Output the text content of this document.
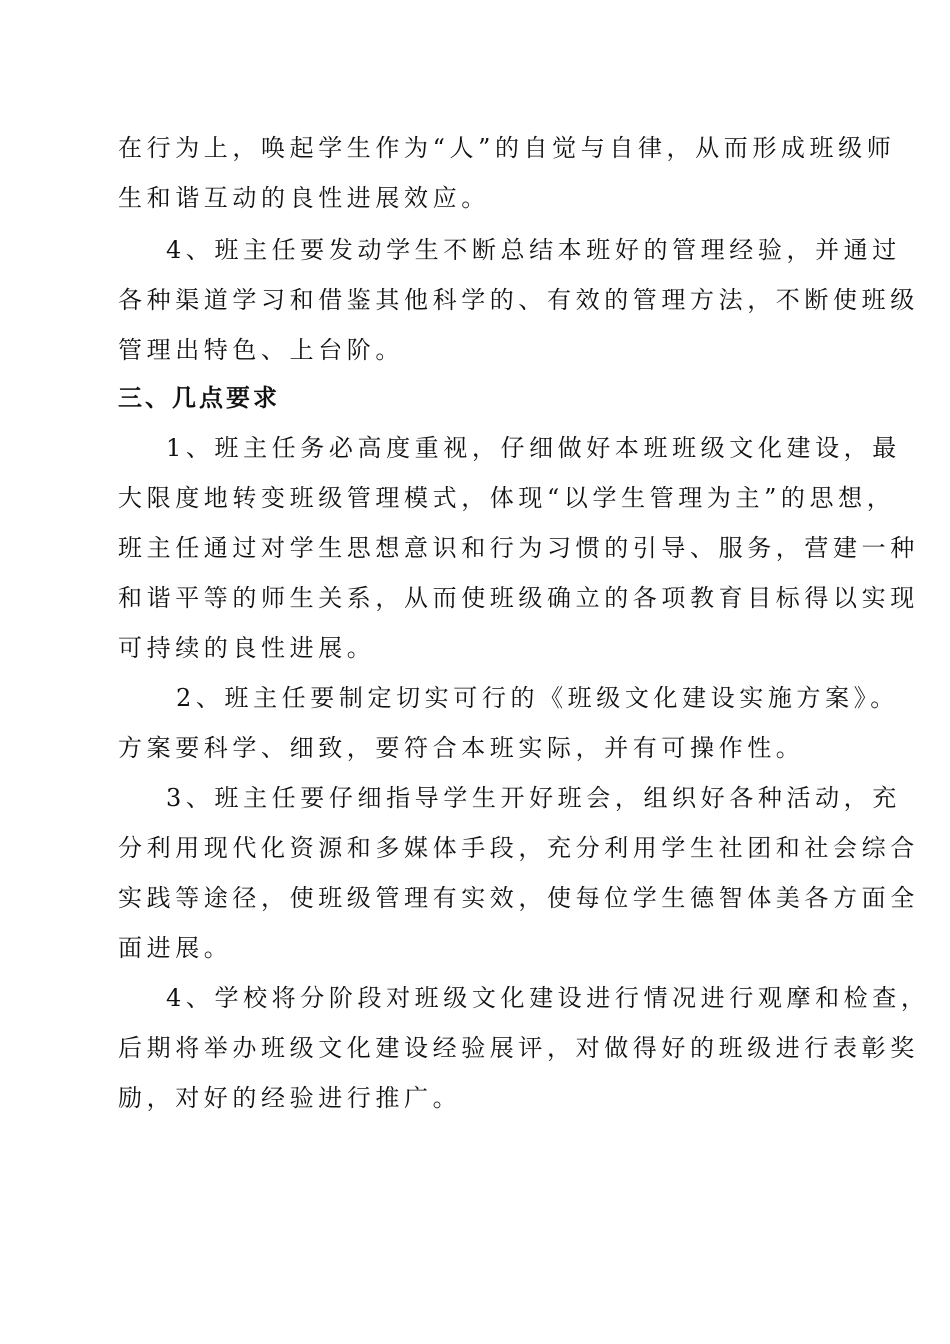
在行为上，唤起学生作为“人”的自觉与自律，从而形成班级师
生和谐互动的良性进展效应。
4、班主任要发动学生不断总结本班好的管理经验，并通过
各种渠道学习和借鉴其他科学的、有效的管理方法，不断使班级
管理出特色、上台阶。
三、几点要求
1、班主任务必高度重视，仔细做好本班班级文化建设，最
大限度地转变班级管理模式，体现“以学生管理为主”的思想，
班主任通过对学生思想意识和行为习惯的引导、服务，营建一种
和谐平等的师生关系，从而使班级确立的各项教育目标得以实现
可持续的良性进展。
2、班主任要制定切实可行的《班级文化建设实施方案》。
方案要科学、细致，要符合本班实际，并有可操作性。
3、班主任要仔细指导学生开好班会，组织好各种活动，充
分利用现代化资源和多媒体手段，充分利用学生社团和社会综合
实践等途径，使班级管理有实效，使每位学生德智体美各方面全
面进展。
4、学校将分阶段对班级文化建设进行情况进行观摩和检查，
后期将举办班级文化建设经验展评，对做得好的班级进行表彰奖
励，对好的经验进行推广。
